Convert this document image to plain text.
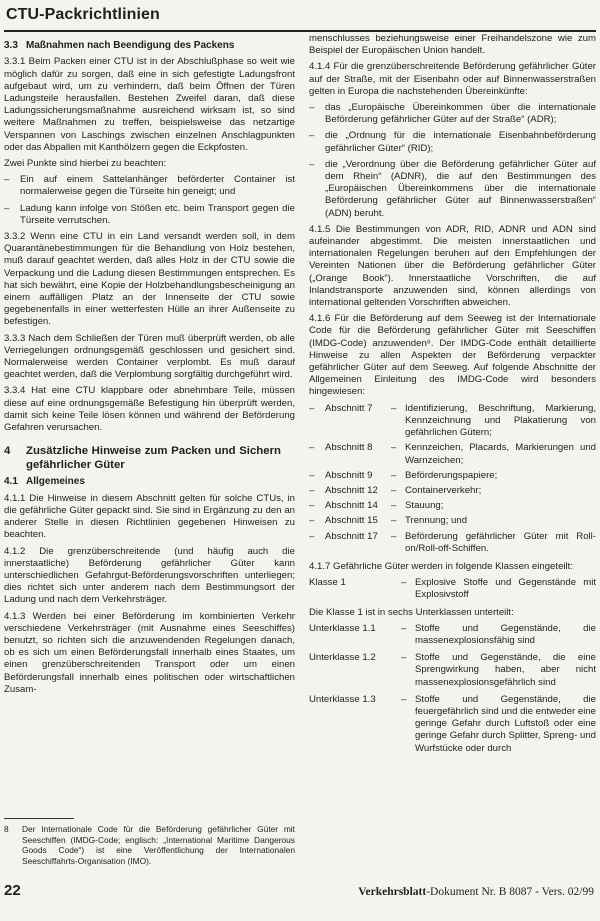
CTU-Packrichtlinien
3.3 Maßnahmen nach Beendigung des Packens

3.3.1 Beim Packen einer CTU ist in der Abschlußphase so weit wie möglich dafür zu sorgen, daß eine in sich gefestigte Ladungsfront aufgebaut wird, um zu verhindern, daß beim Öffnen der Türen Ladungsteile herausfallen. Bestehen Zweifel daran, daß diese Ladungssicherungsmaßnahme ausreichend wirksam ist, so sind weitere Maßnahmen zu treffen, beispielsweise das netzartige Verspannen von Laschings zwischen einzelnen Anschlagpunkten oder das Abpallen mit Kanthölzern gegen die Eckpfosten.

Zwei Punkte sind hierbei zu beachten:

– Ein auf einem Sattelanhänger beförderter Container ist normalerweise gegen die Türseite hin geneigt; und

– Ladung kann infolge von Stößen etc. beim Transport gegen die Türseite verrutschen.

3.3.2 Wenn eine CTU in ein Land versandt werden soll, in dem Quarantänebestimmungen für die Behandlung von Holz bestehen, muß darauf geachtet werden, daß alles Holz in der CTU sowie die Verpackung und die Ladung diesen Bestimmungen entsprechen. Es hat sich bewährt, eine Kopie der Holzbehandlungsbescheinigung an einem auffälligen Platz an der Innenseite der CTU sowie gegebenenfalls in einer wetterfesten Hülle an ihrer Außenseite zu befestigen.

3.3.3 Nach dem Schließen der Türen muß überprüft werden, ob alle Verriegelungen ordnungsgemäß geschlossen und gesichert sind. Normalerweise werden Container verplombt. Es muß darauf geachtet werden, daß die Verplombung sorgfältig durchgeführt wird.

3.3.4 Hat eine CTU klappbare oder abnehmbare Teile, müssen diese auf eine ordnungsgemäße Befestigung hin überprüft werden, damit sich keine Teile lösen können und während der Beförderung Gefahren verursachen.

4 Zusätzliche Hinweise zum Packen und Sichern gefährlicher Güter
4.1 Allgemeines

4.1.1 Die Hinweise in diesem Abschnitt gelten für solche CTUs, in die gefährliche Güter gepackt sind. Sie sind in Ergänzung zu den an anderer Stelle in diesen Richtlinien gegebenen Hinweisen zu beachten.

4.1.2 Die grenzüberschreitende (und häufig auch die innerstaatliche) Beförderung gefährlicher Güter kann unterschiedlichen Gefahrgut-Beförderungsvorschriften unterliegen; dies richtet sich unter anderem nach dem Bestimmungsort der Ladung und nach dem Verkehrsträger.

4.1.3 Werden bei einer Beförderung im kombinierten Verkehr verschiedene Verkehrsträger (mit Ausnahme eines Seeschiffes) benutzt, so richten sich die anzuwendenden Regelungen danach, ob es sich um einen Beförderungsfall innerhalb eines Staates, um einen grenzüberschreitenden Transport oder um einen Beförderungsfall innerhalb eines politischen oder wirtschaftlichen Zusam-

menschlusses beziehungsweise einer Freihandelszone wie zum Beispiel der Europäischen Union handelt.

4.1.4 Für die grenzüberschreitende Beförderung gefährlicher Güter auf der Straße, mit der Eisenbahn oder auf Binnenwasserstraßen gelten in Europa die nachstehenden Übereinkünfte:

– das „Europäische Übereinkommen über die internationale Beförderung gefährlicher Güter auf der Straße“ (ADR);

– die „Ordnung für die internationale Eisenbahnbeförderung gefährlicher Güter“ (RID);

– die „Verordnung über die Beförderung gefährlicher Güter auf dem Rhein“ (ADNR), die auf den Bestimmungen des „Europäischen Übereinkommens über die internationale Beförderung gefährlicher Güter auf Binnenwasserstraßen“ (ADN) beruht.

4.1.5 Die Bestimmungen von ADR, RID, ADNR und ADN sind aufeinander abgestimmt. Die meisten innerstaatlichen und internationalen Regelungen beruhen auf den Empfehlungen der Vereinten Nationen über die Beförderung gefährlicher Güter („Orange Book“). Innerstaatliche Vorschriften, die auf Inlandstransporte anzuwenden sind, können allerdings von international geltenden Vorschriften abweichen.

4.1.6 Für die Beförderung auf dem Seeweg ist der Internationale Code für die Beförderung gefährlicher Güter mit Seeschiffen (IMDG-Code) anzuwenden⁸. Der IMDG-Code enthält detaillierte Hinweise zu allen Aspekten der Beförderung verpackter gefährlicher Güter auf dem Seeweg. Auf folgende Abschnitte der Allgemeinen Einleitung des IMDG-Code wird besonders hingewiesen:

–	Abschnitt 7	– Identifizierung, Beschriftung, Markierung, Kennzeichnung und Plakatierung von gefährlichen Gütern;
–	Abschnitt 8	– Kennzeichen, Placards, Markierungen und Warnzeichen;
–	Abschnitt 9	– Beförderungspapiere;
–	Abschnitt 12	– Containerverkehr;
–	Abschnitt 14	– Stauung;
–	Abschnitt 15	– Trennung; und
–	Abschnitt 17	– Beförderung gefährlicher Güter mit Roll-on/Roll-off-Schiffen.

4.1.7 Gefährliche Güter werden in folgende Klassen eingeteilt:

Klasse 1	– Explosive Stoffe und Gegenstände mit Explosivstoff

Die Klasse 1 ist in sechs Unterklassen unterteilt:

Unterklasse 1.1	– Stoffe und Gegenstände, die massenexplosionsfähig sind
Unterklasse 1.2	– Stoffe und Gegenstände, die eine Sprengwirkung haben, aber nicht massenexplosionsgefährlich sind
Unterklasse 1.3	– Stoffe und Gegenstände, die feuergefährlich sind und die entweder eine geringe Gefahr durch Luftstoß oder eine geringe Gefahr durch Splitter, Spreng- und Wurfstücke oder durch
8	Der Internationale Code für die Beförderung gefährlicher Güter mit Seeschiffen (IMDG-Code; englisch: „International Maritime Dangerous Goods Code“) ist eine Veröffentlichung der Internationalen Seeschiffahrts-Organisation (IMO).
22	Verkehrsblatt-Dokument Nr. B 8087 - Vers. 02/99
